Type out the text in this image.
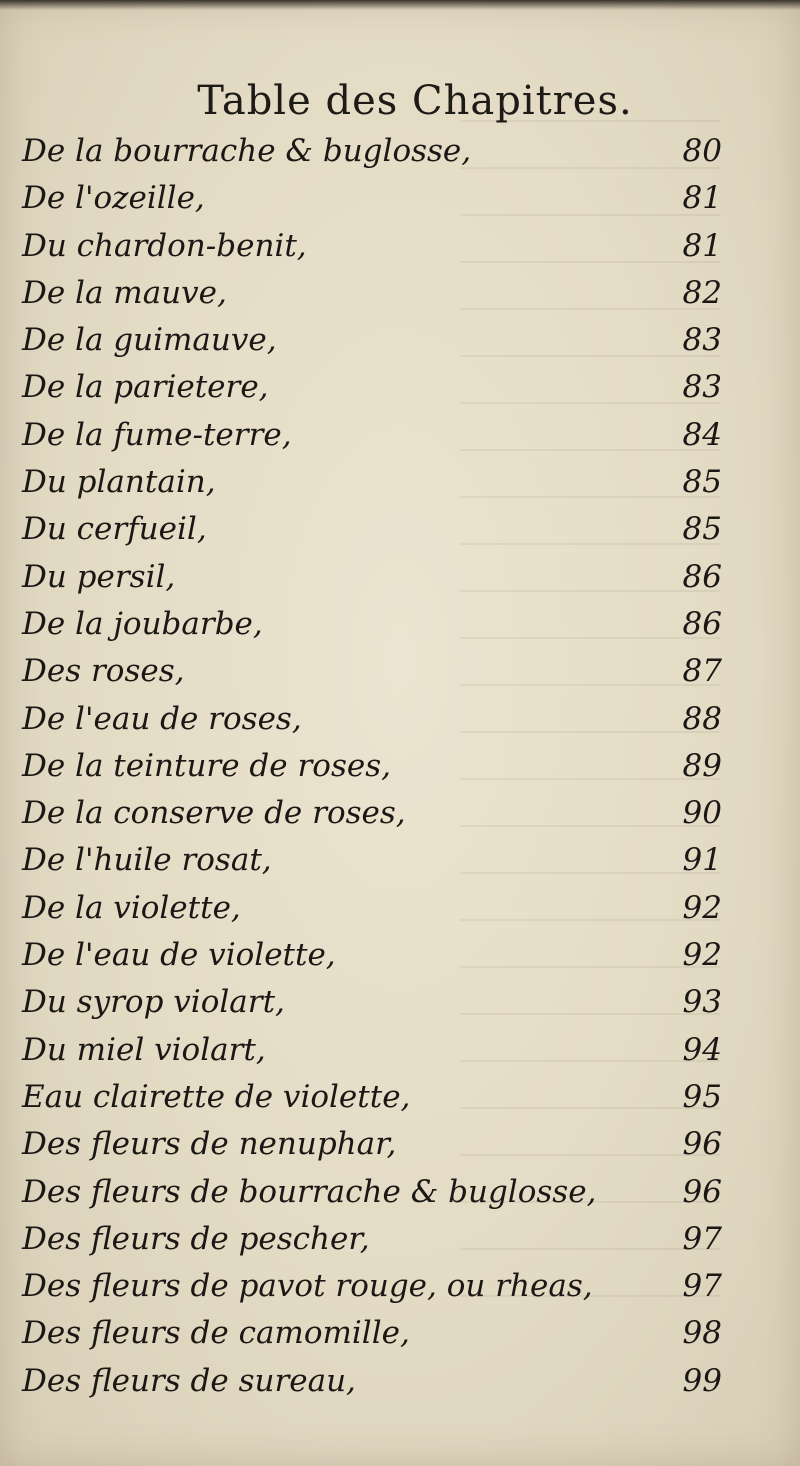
Table des Chapitres.
De la bourrache & buglosse,	80
De l'ozeille,	81
Du chardon-benit,	81
De la mauve,	82
De la guimauve,	83
De la parietere,	83
De la fume-terre,	84
Du plantain,	85
Du cerfueil,	85
Du persil,	86
De la joubarbe,	86
Des roses,	87
De l'eau de roses,	88
De la teinture de roses,	89
De la conserve de roses,	90
De l'huile rosat,	91
De la violette,	92
De l'eau de violette,	92
Du syrop violart,	93
Du miel violart,	94
Eau clairette de violette,	95
Des fleurs de nenuphar,	96
Des fleurs de bourrache & buglosse,	96
Des fleurs de pescher,	97
Des fleurs de pavot rouge, ou rheas,	97
Des fleurs de camomille,	98
Des fleurs de sureau,	99
